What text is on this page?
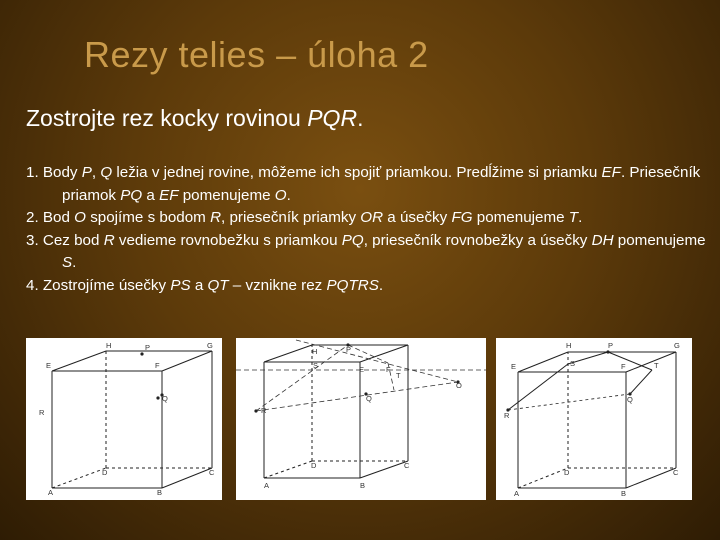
Rezy telies – úloha 2

Zostrojte rez kocky rovinou PQR.

1. Body P, Q ležia v jednej rovine, môžeme ich spojiť priamkou. Predĺžime si priamku EF. Priesečník priamok PQ a EF pomenujeme O.
2. Bod O spojíme s bodom R, priesečník priamky OR a úsečky FG pomenujeme T.
3. Cez bod R vedieme rovnobežku s priamkou PQ, priesečník rovnobežky a úsečky DH pomenujeme S.
4. Zostrojíme úsečky PS a QT – vznikne rez PQTRS.
H	P	G
E	F
R
Q
D	C
A	B
H	P
S	E	F
T
O
R
Q
D	C
A	B
H	P	G
E	S	F	T
R
Q
D	C
A	B
